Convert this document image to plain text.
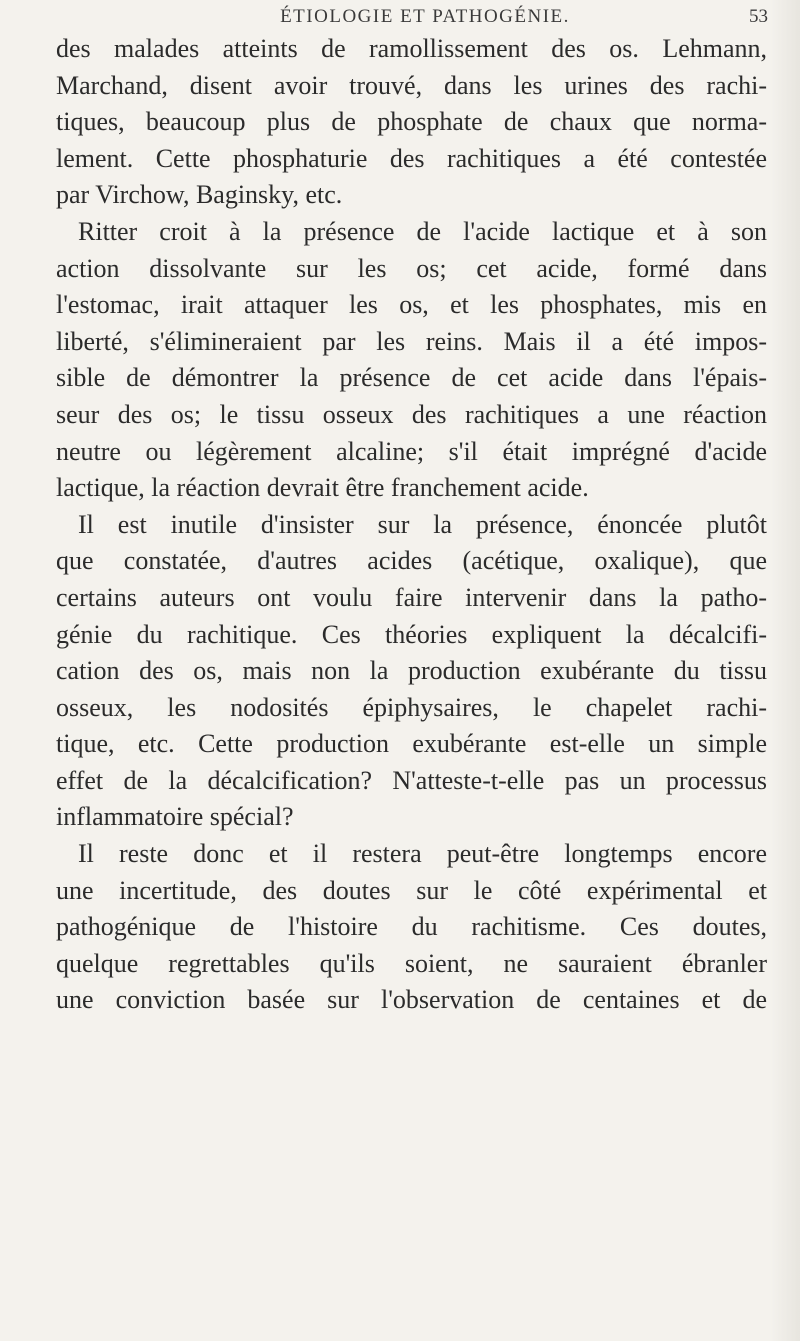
ÉTIOLOGIE ET PATHOGÉNIE.	53
des malades atteints de ramollissement des os. Lehmann,
Marchand, disent avoir trouvé, dans les urines des rachi-
tiques, beaucoup plus de phosphate de chaux que norma-
lement. Cette phosphaturie des rachitiques a été contestée
par Virchow, Baginsky, etc.
Ritter croit à la présence de l'acide lactique et à son
action dissolvante sur les os; cet acide, formé dans
l'estomac, irait attaquer les os, et les phosphates, mis en
liberté, s'élimineraient par les reins. Mais il a été impos-
sible de démontrer la présence de cet acide dans l'épais-
seur des os; le tissu osseux des rachitiques a une réaction
neutre ou légèrement alcaline; s'il était imprégné d'acide
lactique, la réaction devrait être franchement acide.
Il est inutile d'insister sur la présence, énoncée plutôt
que constatée, d'autres acides (acétique, oxalique), que
certains auteurs ont voulu faire intervenir dans la patho-
génie du rachitique. Ces théories expliquent la décalcifi-
cation des os, mais non la production exubérante du tissu
osseux, les nodosités épiphysaires, le chapelet rachi-
tique, etc. Cette production exubérante est-elle un simple
effet de la décalcification? N'atteste-t-elle pas un processus
inflammatoire spécial?
Il reste donc et il restera peut-être longtemps encore
une incertitude, des doutes sur le côté expérimental et
pathogénique de l'histoire du rachitisme. Ces doutes,
quelque regrettables qu'ils soient, ne sauraient ébranler
une conviction basée sur l'observation de centaines et de
